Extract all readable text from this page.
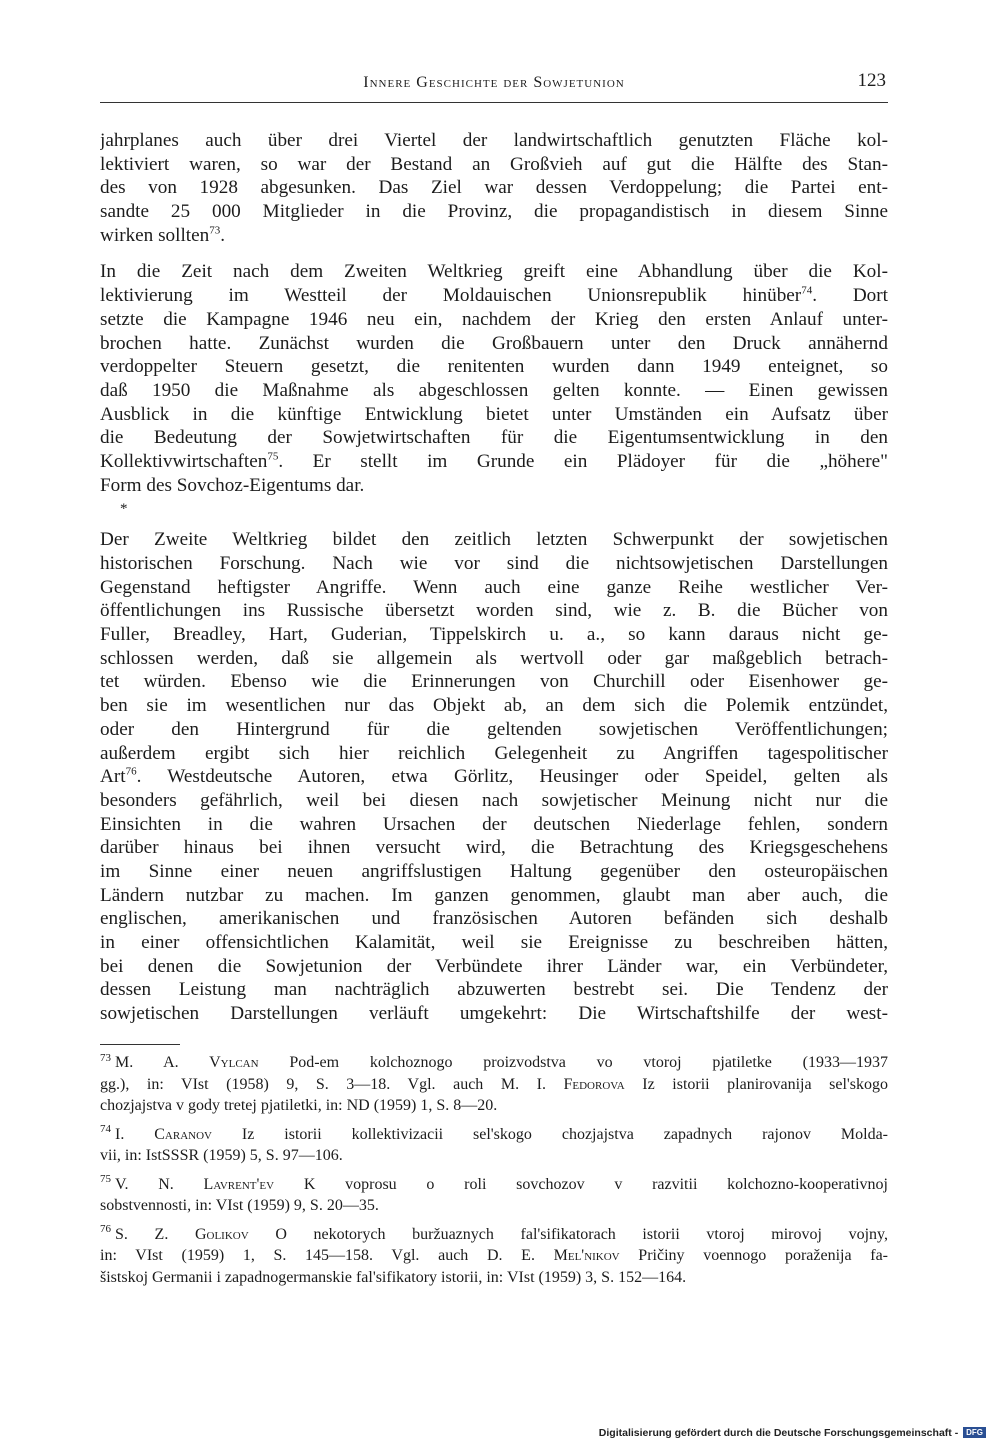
Innere Geschichte der Sowjetunion	123
jahrplanes auch über drei Viertel der landwirtschaftlich genutzten Fläche kol-
lektiviert waren, so war der Bestand an Großvieh auf gut die Hälfte des Stan-
des von 1928 abgesunken. Das Ziel war dessen Verdoppelung; die Partei ent-
sandte 25 000 Mitglieder in die Provinz, die propagandistisch in diesem Sinne
wirken sollten$^{73}$.
In die Zeit nach dem Zweiten Weltkrieg greift eine Abhandlung über die Kol-
lektivierung im Westteil der Moldauischen Unionsrepublik hinüber$^{74}$. Dort
setzte die Kampagne 1946 neu ein, nachdem der Krieg den ersten Anlauf unter-
brochen hatte. Zunächst wurden die Großbauern unter den Druck annähernd
verdoppelter Steuern gesetzt, die renitenten wurden dann 1949 enteignet, so
daß 1950 die Maßnahme als abgeschlossen gelten konnte. — Einen gewissen
Ausblick in die künftige Entwicklung bietet unter Umständen ein Aufsatz über
die Bedeutung der Sowjetwirtschaften für die Eigentumsentwicklung in den
Kollektivwirtschaften$^{75}$. Er stellt im Grunde ein Plädoyer für die „höhere"
Form des Sovchoz-Eigentums dar.
*
Der Zweite Weltkrieg bildet den zeitlich letzten Schwerpunkt der sowjetischen
historischen Forschung. Nach wie vor sind die nichtsowjetischen Darstellungen
Gegenstand heftigster Angriffe. Wenn auch eine ganze Reihe westlicher Ver-
öffentlichungen ins Russische übersetzt worden sind, wie z. B. die Bücher von
Fuller, Breadley, Hart, Guderian, Tippelskirch u. a., so kann daraus nicht ge-
schlossen werden, daß sie allgemein als wertvoll oder gar maßgeblich betrach-
tet würden. Ebenso wie die Erinnerungen von Churchill oder Eisenhower ge-
ben sie im wesentlichen nur das Objekt ab, an dem sich die Polemik entzündet,
oder den Hintergrund für die geltenden sowjetischen Veröffentlichungen;
außerdem ergibt sich hier reichlich Gelegenheit zu Angriffen tagespolitischer
Art$^{76}$. Westdeutsche Autoren, etwa Görlitz, Heusinger oder Speidel, gelten als
besonders gefährlich, weil bei diesen nach sowjetischer Meinung nicht nur die
Einsichten in die wahren Ursachen der deutschen Niederlage fehlen, sondern
darüber hinaus bei ihnen versucht wird, die Betrachtung des Kriegsgeschehens
im Sinne einer neuen angriffslustigen Haltung gegenüber den osteuropäischen
Ländern nutzbar zu machen. Im ganzen genommen, glaubt man aber auch, die
englischen, amerikanischen und französischen Autoren befänden sich deshalb
in einer offensichtlichen Kalamität, weil sie Ereignisse zu beschreiben hätten,
bei denen die Sowjetunion der Verbündete ihrer Länder war, ein Verbündeter,
dessen Leistung man nachträglich abzuwerten bestrebt sei. Die Tendenz der
sowjetischen Darstellungen verläuft umgekehrt: Die Wirtschaftshilfe der west-
$^{73}$ M. A. Vylcan Pod-em kolchoznogo proizvodstva vo vtoroj pjatiletke (1933—1937
gg.), in: VIst (1958) 9, S. 3—18. Vgl. auch M. I. Fedorova Iz istorii planirovanija sel'skogo
chozjajstva v gody tretej pjatiletki, in: ND (1959) 1, S. 8—20.
$^{74}$ I. Caranov Iz istorii kollektivizacii sel'skogo chozjajstva zapadnych rajonov Molda-
vii, in: IstSSSR (1959) 5, S. 97—106.
$^{75}$ V. N. Lavrent'ev K voprosu o roli sovchozov v razvitii kolchozno-kooperativnoj
sobstvennosti, in: VIst (1959) 9, S. 20—35.
$^{76}$ S. Z. Golikov O nekotorych buržuaznych fal'sifikatorach istorii vtoroj mirovoj vojny,
in: VIst (1959) 1, S. 145—158. Vgl. auch D. E. Mel'nikov Pričiny voennogo poraženija fa-
šistskoj Germanii i zapadnogermanskie fal'sifikatory istorii, in: VIst (1959) 3, S. 152—164.
Digitalisierung gefördert durch die Deutsche Forschungsgemeinschaft - DFG
